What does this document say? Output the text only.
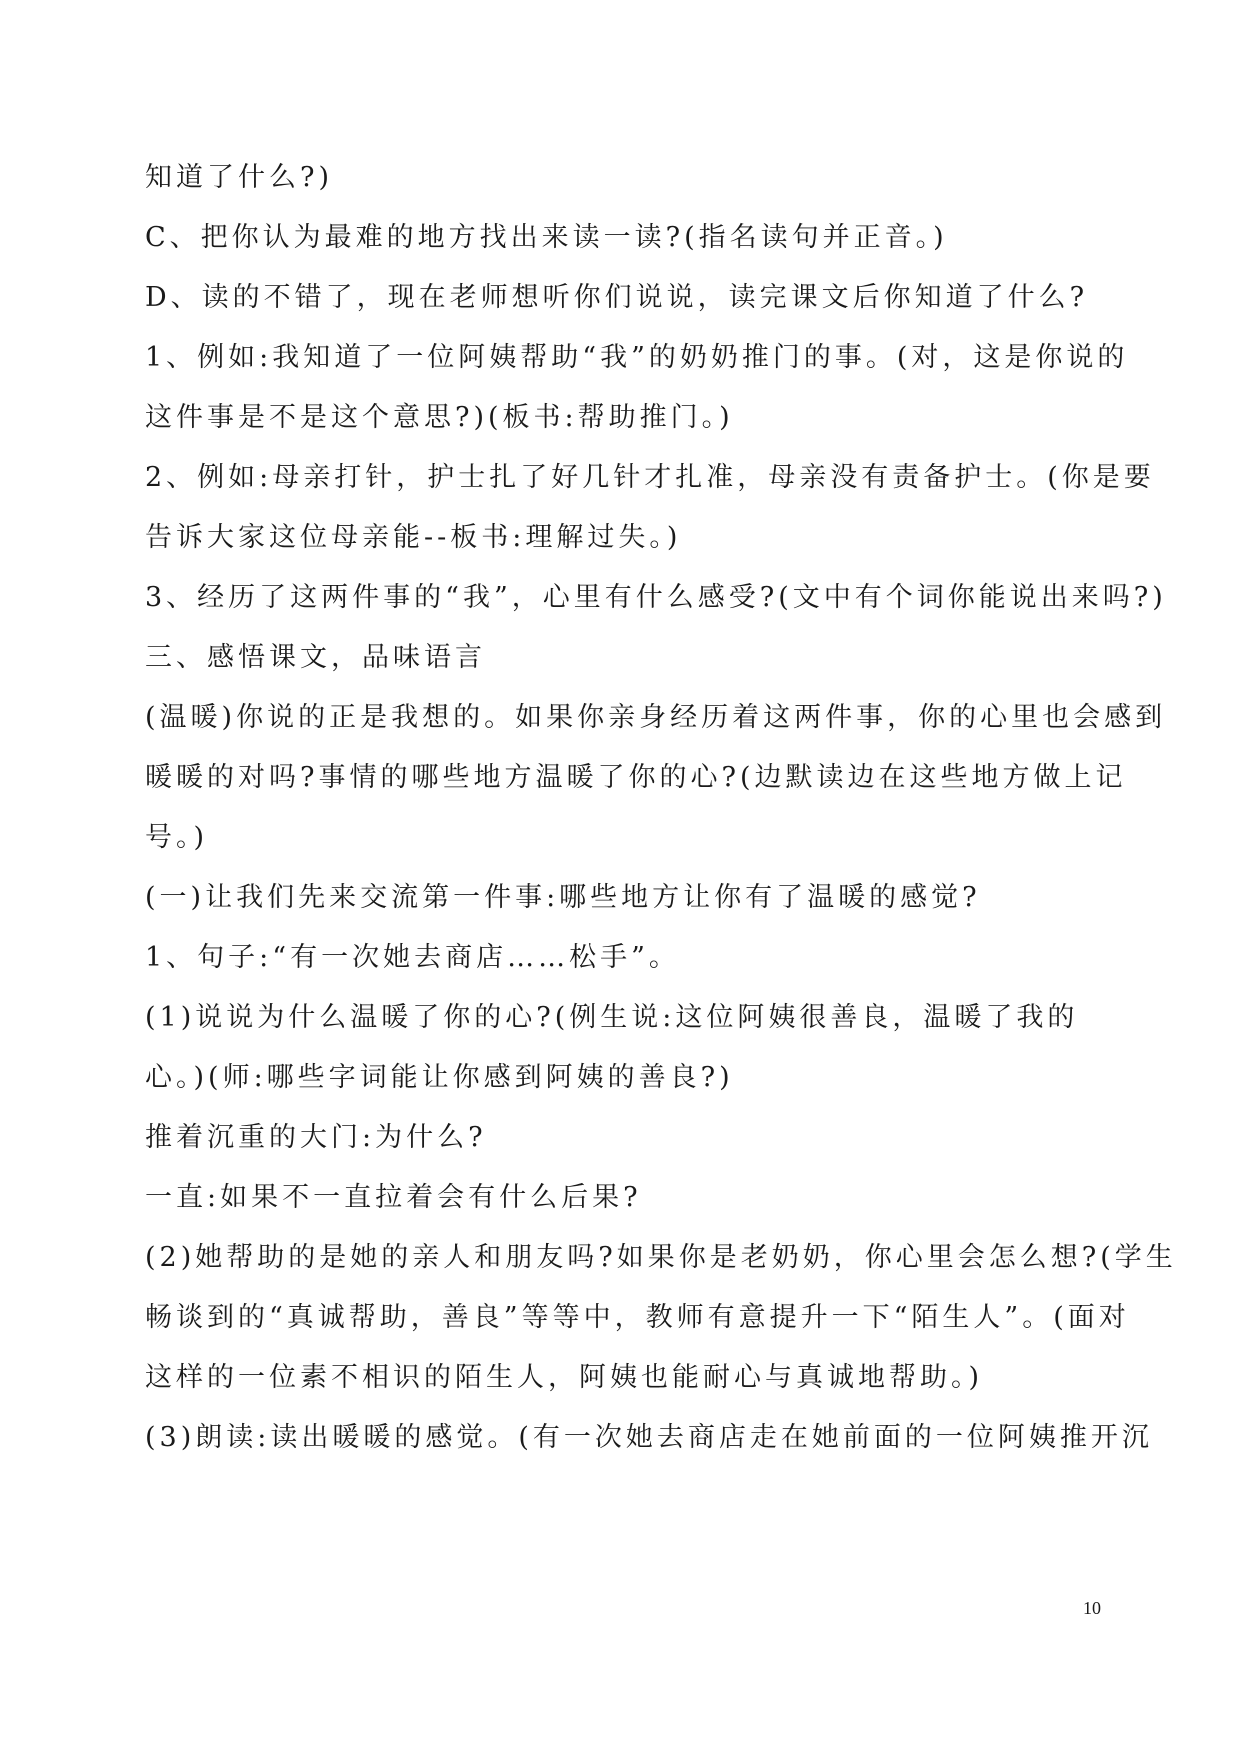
知道了什么?)
C、把你认为最难的地方找出来读一读?(指名读句并正音。)
D、读的不错了，现在老师想听你们说说，读完课文后你知道了什么?
1、例如:我知道了一位阿姨帮助“我”的奶奶推门的事。(对，这是你说的
这件事是不是这个意思?)(板书:帮助推门。)
2、例如:母亲打针，护士扎了好几针才扎准，母亲没有责备护士。(你是要
告诉大家这位母亲能--板书:理解过失。)
3、经历了这两件事的“我”，心里有什么感受?(文中有个词你能说出来吗?)
三、感悟课文，品味语言
(温暖)你说的正是我想的。如果你亲身经历着这两件事，你的心里也会感到
暖暖的对吗?事情的哪些地方温暖了你的心?(边默读边在这些地方做上记
号。)
(一)让我们先来交流第一件事:哪些地方让你有了温暖的感觉?
1、句子:“有一次她去商店……松手”。
(1)说说为什么温暖了你的心?(例生说:这位阿姨很善良，温暖了我的
心。)(师:哪些字词能让你感到阿姨的善良?)
推着沉重的大门:为什么?
一直:如果不一直拉着会有什么后果?
(2)她帮助的是她的亲人和朋友吗?如果你是老奶奶，你心里会怎么想?(学生
畅谈到的“真诚帮助，善良”等等中，教师有意提升一下“陌生人”。(面对
这样的一位素不相识的陌生人，阿姨也能耐心与真诚地帮助。)
(3)朗读:读出暖暖的感觉。(有一次她去商店走在她前面的一位阿姨推开沉
10
